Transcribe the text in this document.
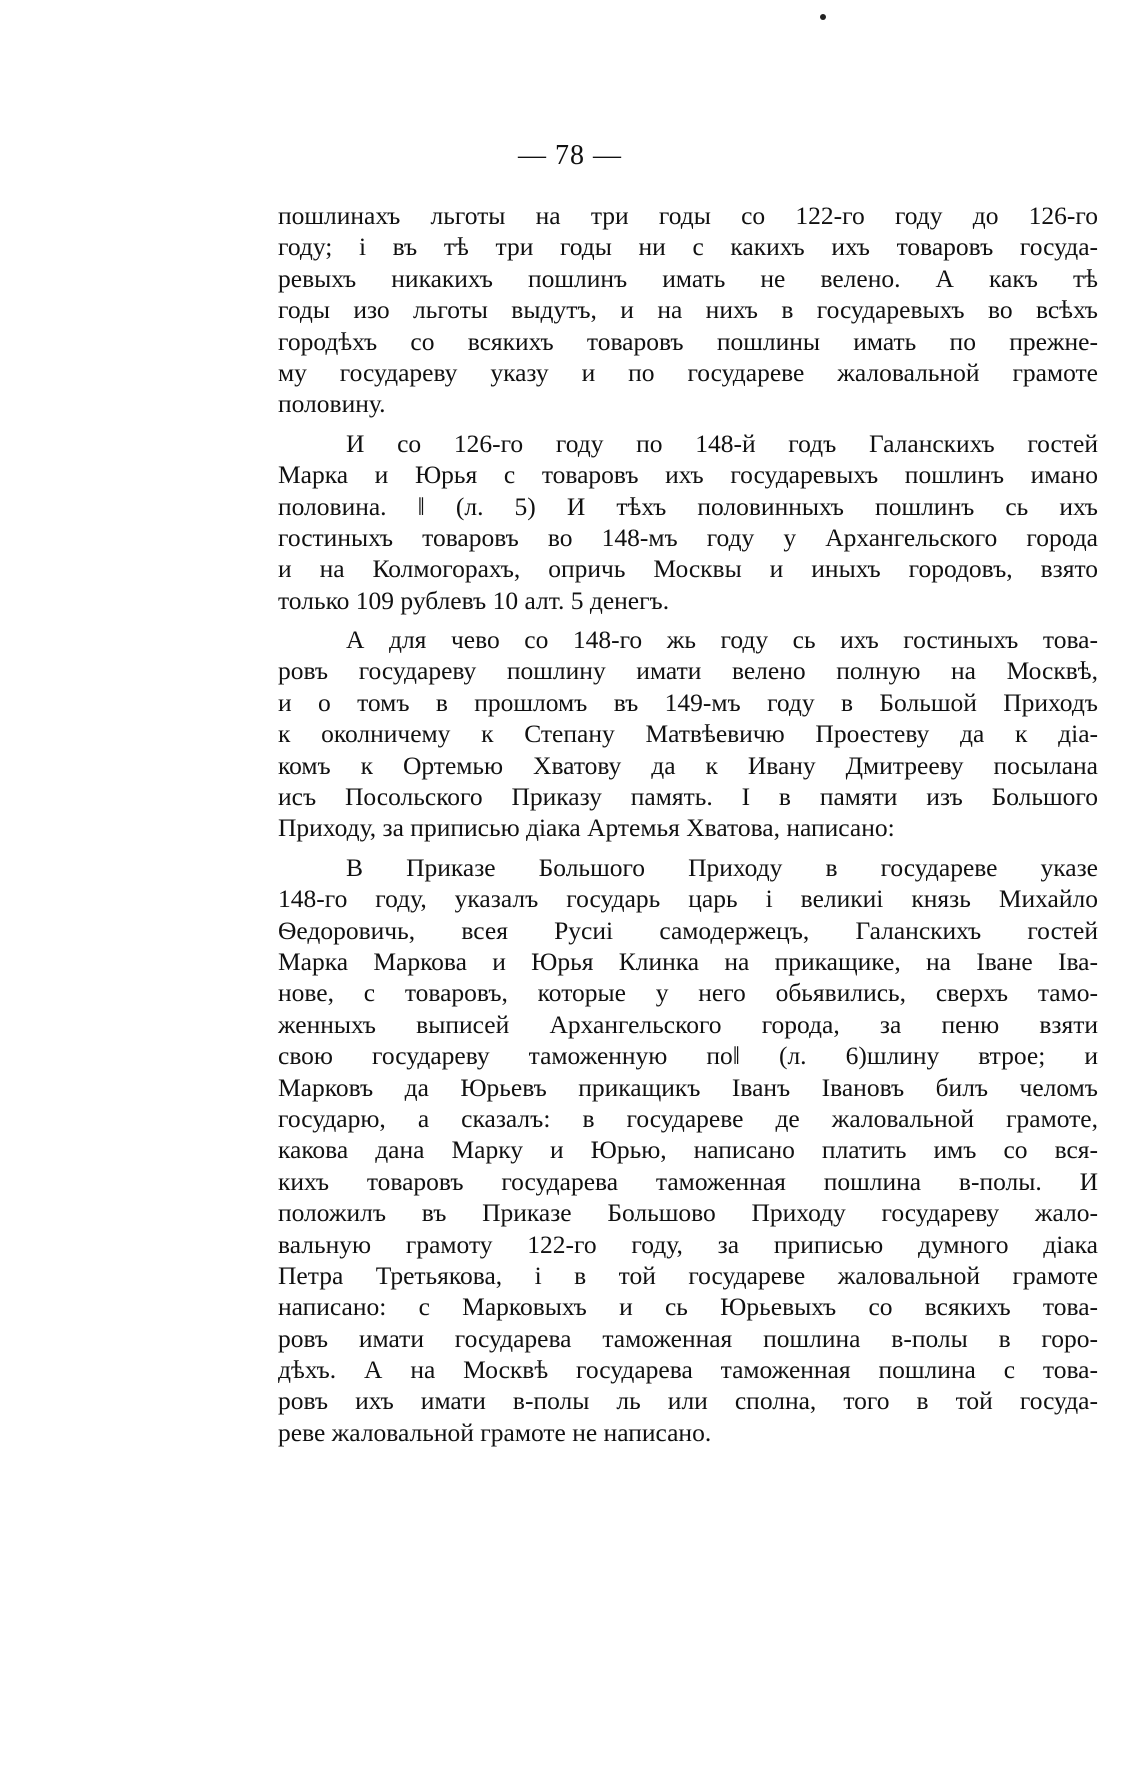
— 78 —
пошлинахъ льготы на три годы со 122-го году до 126-го
году; і въ тѣ три годы ни с какихъ ихъ товаровъ госуда-
ревыхъ никакихъ пошлинъ имать не велено. А какъ тѣ
годы изо льготы выдутъ, и на нихъ в государевыхъ во всѣхъ
городѣхъ со всякихъ товаровъ пошлины имать по прежне-
му государеву указу и по государеве жаловальной грамоте
половину.
И со 126-го году по 148-й годъ Галанскихъ гостей
Марка и Юрья с товаровъ ихъ государевыхъ пошлинъ имано
половина. ‖ (л. 5) И тѣхъ половинныхъ пошлинъ сь ихъ
гостиныхъ товаровъ во 148-мъ году у Архангельского города
и на Колмогорахъ, опричь Москвы и иныхъ городовъ, взято
только 109 рублевъ 10 алт. 5 денегъ.
А для чево со 148-го жь году сь ихъ гостиныхъ това-
ровъ государеву пошлину имати велено полную на Москвѣ,
и о томъ в прошломъ въ 149-мъ году в Большой Приходъ
к околничему к Степану Матвѣевичю Проестеву да к діа-
комъ к Ортемью Хватову да к Ивану Дмитрееву посылана
исъ Посольского Приказу память. І в памяти изъ Большого
Приходу, за приписью діака Артемья Хватова, написано:
В Приказе Большого Приходу в государеве указе
148-го году, указалъ государь царь і великиі князь Михайло
Ѳедоровичь, всея Русиі самодержецъ, Галанскихъ гостей
Марка Маркова и Юрья Клинка на прикащике, на Іване Іва-
нове, с товаровъ, которые у него обьявились, сверхъ тамо-
женныхъ выписей Архангельского города, за пеню взяти
свою государеву таможенную по‖ (л. 6)шлину втрое; и
Марковъ да Юрьевъ прикащикъ Іванъ Івановъ билъ челомъ
государю, а сказалъ: в государеве де жаловальной грамоте,
какова дана Марку и Юрью, написано платить имъ со вся-
кихъ товаровъ государева таможенная пошлина в-полы. И
положилъ въ Приказе Большово Приходу государеву жало-
вальную грамоту 122-го году, за приписью думного діака
Петра Третьякова, і в той государеве жаловальной грамоте
написано: с Марковыхъ и сь Юрьевыхъ со всякихъ това-
ровъ имати государева таможенная пошлина в-полы в горо-
дѣхъ. А на Москвѣ государева таможенная пошлина с това-
ровъ ихъ имати в-полы ль или сполна, того в той госуда-
реве жаловальной грамоте не написано.
